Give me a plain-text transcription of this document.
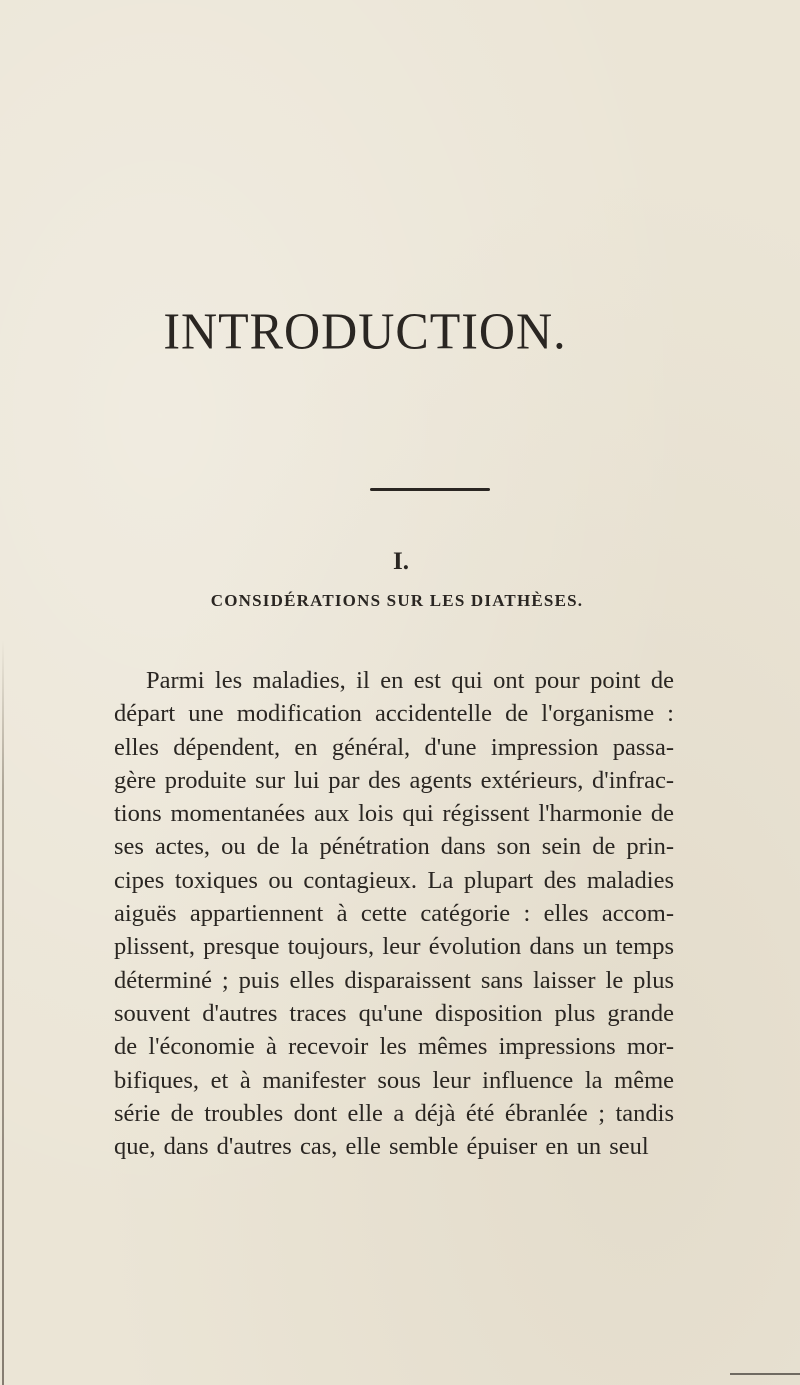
INTRODUCTION.
I.
CONSIDÉRATIONS SUR LES DIATHÈSES.
Parmi les maladies, il en est qui ont pour point de
départ une modification accidentelle de l'organisme :
elles dépendent, en général, d'une impression passa-
gère produite sur lui par des agents extérieurs, d'infrac-
tions momentanées aux lois qui régissent l'harmonie de
ses actes, ou de la pénétration dans son sein de prin-
cipes toxiques ou contagieux. La plupart des maladies
aiguës appartiennent à cette catégorie : elles accom-
plissent, presque toujours, leur évolution dans un temps
déterminé ; puis elles disparaissent sans laisser le plus
souvent d'autres traces qu'une disposition plus grande
de l'économie à recevoir les mêmes impressions mor-
bifiques, et à manifester sous leur influence la même
série de troubles dont elle a déjà été ébranlée ; tandis
que, dans d'autres cas, elle semble épuiser en un seul
